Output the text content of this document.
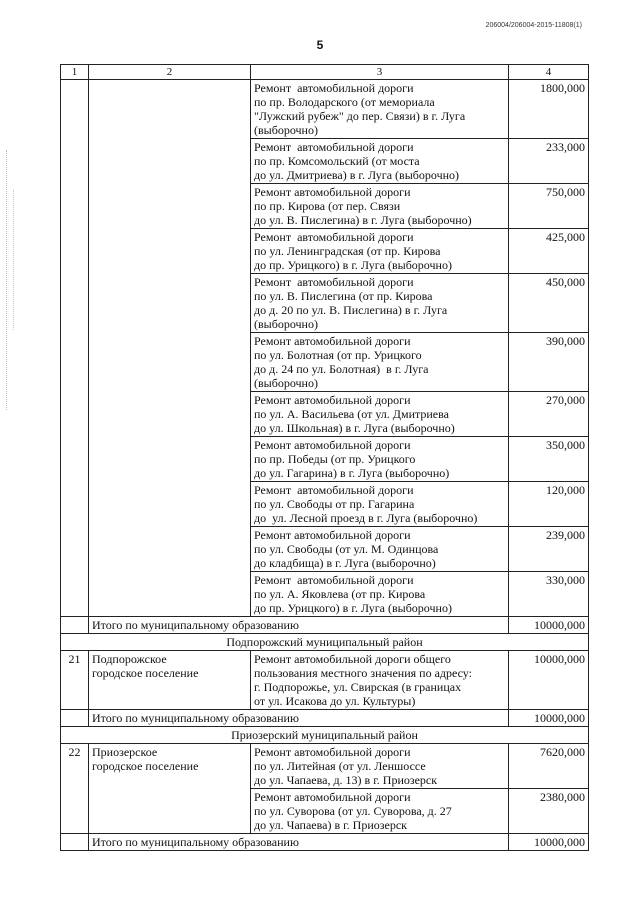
206004/206004-2015-11808(1)
5
1	2	3	4

		Ремонт  автомобильной дороги
по пр. Володарского (от мемориала
"Лужский рубеж" до пер. Связи) в г. Луга
(выборочно)	1800,000

		Ремонт  автомобильной дороги
по пр. Комсомольский (от моста
до ул. Дмитриева) в г. Луга (выборочно)	233,000

		Ремонт автомобильной дороги
по пр. Кирова (от пер. Связи
до ул. В. Пислегина) в г. Луга (выборочно)	750,000

		Ремонт  автомобильной дороги
по ул. Ленинградская (от пр. Кирова
до пр. Урицкого) в г. Луга (выборочно)	425,000

		Ремонт  автомобильной дороги
по ул. В. Пислегина (от пр. Кирова
до д. 20 по ул. В. Пислегина) в г. Луга
(выборочно)	450,000

		Ремонт автомобильной дороги
по ул. Болотная (от пр. Урицкого
до д. 24 по ул. Болотная)  в г. Луга
(выборочно)	390,000

		Ремонт автомобильной дороги
по ул. А. Васильева (от ул. Дмитриева
до ул. Школьная) в г. Луга (выборочно)	270,000

		Ремонт автомобильной дороги
по пр. Победы (от пр. Урицкого
до ул. Гагарина) в г. Луга (выборочно)	350,000

		Ремонт  автомобильной дороги
по ул. Свободы от пр. Гагарина
до  ул. Лесной проезд в г. Луга (выборочно)	120,000

		Ремонт автомобильной дороги
по ул. Свободы (от ул. М. Одинцова
до кладбища) в г. Луга (выборочно)	239,000

		Ремонт  автомобильной дороги
по ул. А. Яковлева (от пр. Кирова
до пр. Урицкого) в г. Луга (выборочно)	330,000
	Итого по муниципальному образованию		10000,000
Подпорожский муниципальный район			
21	Подпорожское
городское поселение	Ремонт автомобильной дороги общего
пользования местного значения по адресу:
г. Подпорожье, ул. Свирская (в границах
от ул. Исакова до ул. Культуры)	10000,000
	Итого по муниципальному образованию		10000,000
Приозерский муниципальный район			
22	Приозерское
городское поселение	Ремонт автомобильной дороги
по ул. Литейная (от ул. Леншоссе
до ул. Чапаева, д. 13) в г. Приозерск	7620,000

		Ремонт автомобильной дороги
по ул. Суворова (от ул. Суворова, д. 27
до ул. Чапаева) в г. Приозерск	2380,000
	Итого по муниципальному образованию		10000,000
